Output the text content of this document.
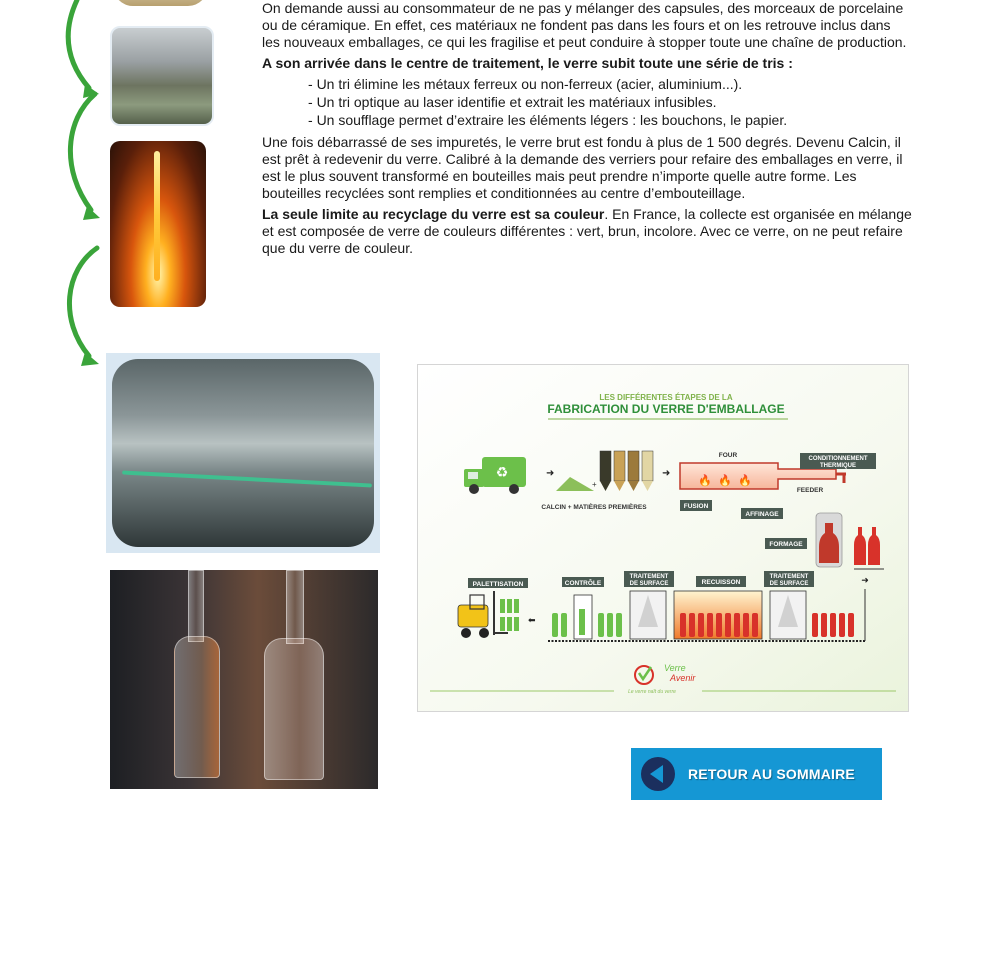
On demande aussi au consommateur de ne pas y mélanger des capsules, des morceaux de porcelaine ou de céramique. En effet, ces matériaux ne fondent pas dans les fours et on les retrouve inclus dans les nouveaux emballages, ce qui les fragilise et peut conduire à stopper toute une chaîne de production.

A son arrivée dans le centre de traitement, le verre subit toute une série de tris :

- Un tri élimine les métaux ferreux ou non-ferreux (acier, aluminium...).
- Un tri optique au laser identifie et extrait les matériaux infusibles.
- Un soufflage permet d’extraire les éléments légers : les bouchons, le papier.

Une fois débarrassé de ses impuretés, le verre brut est fondu à plus de 1 500 degrés. Devenu Calcin, il est prêt à redevenir du verre. Calibré à la demande des verriers pour refaire des emballages en verre, il est le plus souvent transformé en bouteilles mais peut prendre n’importe quelle autre forme. Les bouteilles recyclées sont remplies et conditionnées au centre d’embouteillage.

La seule limite au recyclage du verre est sa couleur. En France, la collecte est organisée en mélange et est composée de verre de couleurs différentes : vert, brun, incolore. Avec ce verre, on ne peut refaire que du verre de couleur.

LES DIFFÉRENTES ÉTAPES DE LA
FABRICATION DU VERRE D'EMBALLAGE
♻	➜
+
CALCIN + MATIÈRES PREMIÈRES
➜
FOUR
🔥 🔥 🔥
CONDITIONNEMENT
THERMIQUE
FEEDER
FUSION
AFFINAGE
FORMAGE
➜
PALETTISATION	CONTRÔLE
TRAITEMENT
DE SURFACE	RECUISSON
TRAITEMENT
DE SURFACE
⬅
Verre
Avenir
Le verre naît du verre
RETOUR AU SOMMAIRE
